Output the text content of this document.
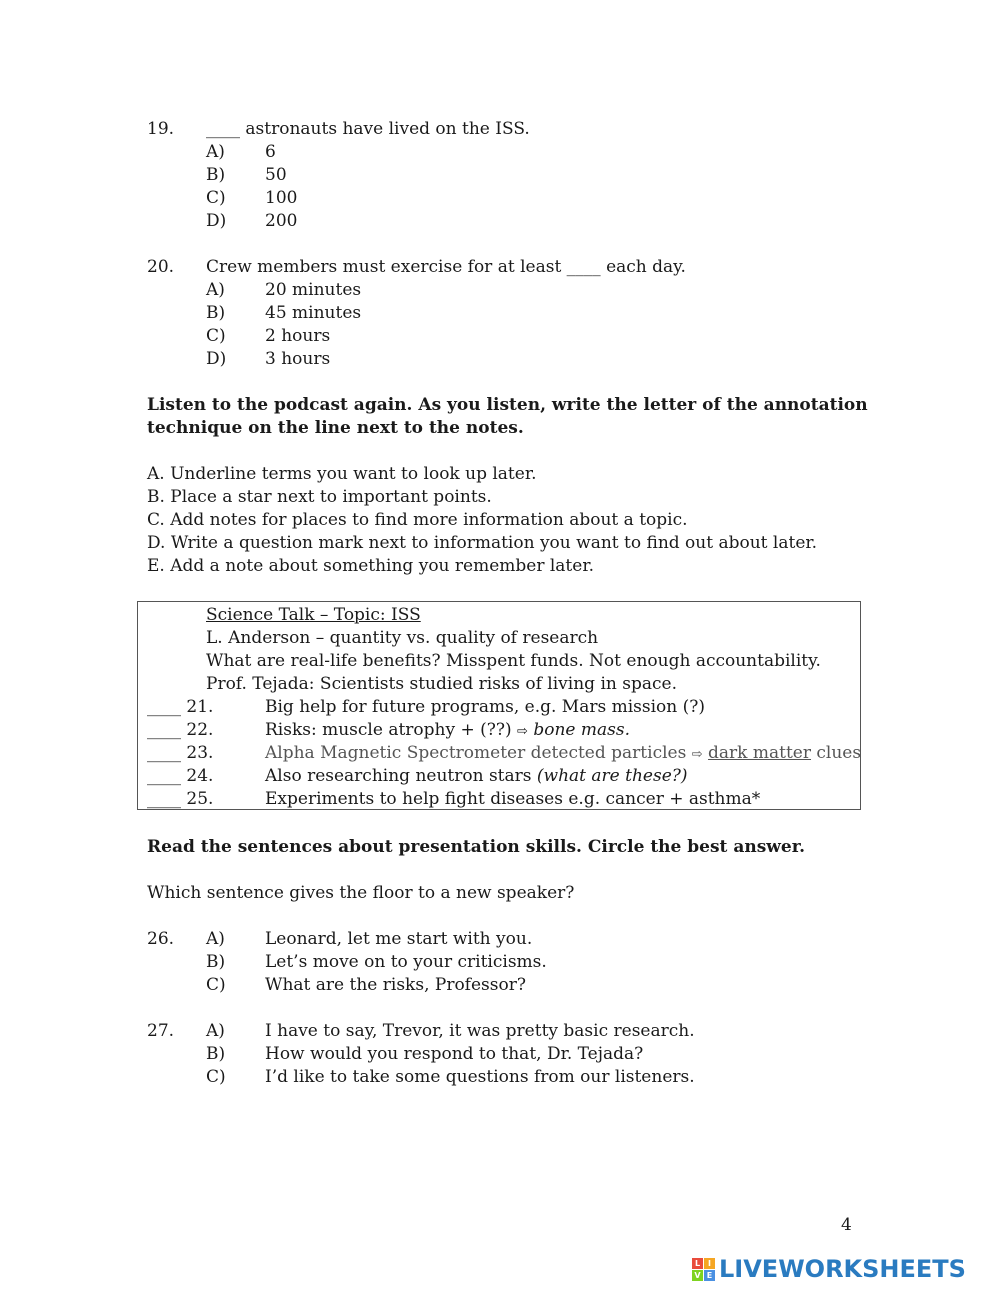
19. ____ astronauts have lived on the ISS.
A) 6
B) 50
C) 100
D) 200
20. Crew members must exercise for at least ____ each day.
A) 20 minutes
B) 45 minutes
C) 2 hours
D) 3 hours
Listen to the podcast again. As you listen, write the letter of the annotation
technique on the line next to the notes.
A. Underline terms you want to look up later.
B. Place a star next to important points.
C. Add notes for places to find more information about a topic.
D. Write a question mark next to information you want to find out about later.
E. Add a note about something you remember later.
Science Talk – Topic: ISS
L. Anderson – quantity vs. quality of research
What are real-life benefits? Misspent funds. Not enough accountability.
Prof. Tejada: Scientists studied risks of living in space.
____ 21.	Big help for future programs, e.g. Mars mission (?)
____ 22.	Risks: muscle atrophy + (??) ⇨ bone mass.
____ 23.	Alpha Magnetic Spectrometer detected particles ⇨ dark matter clues
____ 24.	Also researching neutron stars (what are these?)
____ 25.	Experiments to help fight diseases e.g. cancer + asthma*
Read the sentences about presentation skills. Circle the best answer.
Which sentence gives the floor to a new speaker?
26. A) Leonard, let me start with you.
B) Let’s move on to your criticisms.
C) What are the risks, Professor?
27. A) I have to say, Trevor, it was pretty basic research.
B) How would you respond to that, Dr. Tejada?
C) I’d like to take some questions from our listeners.
4
L I
V E LIVEWORKSHEETS
